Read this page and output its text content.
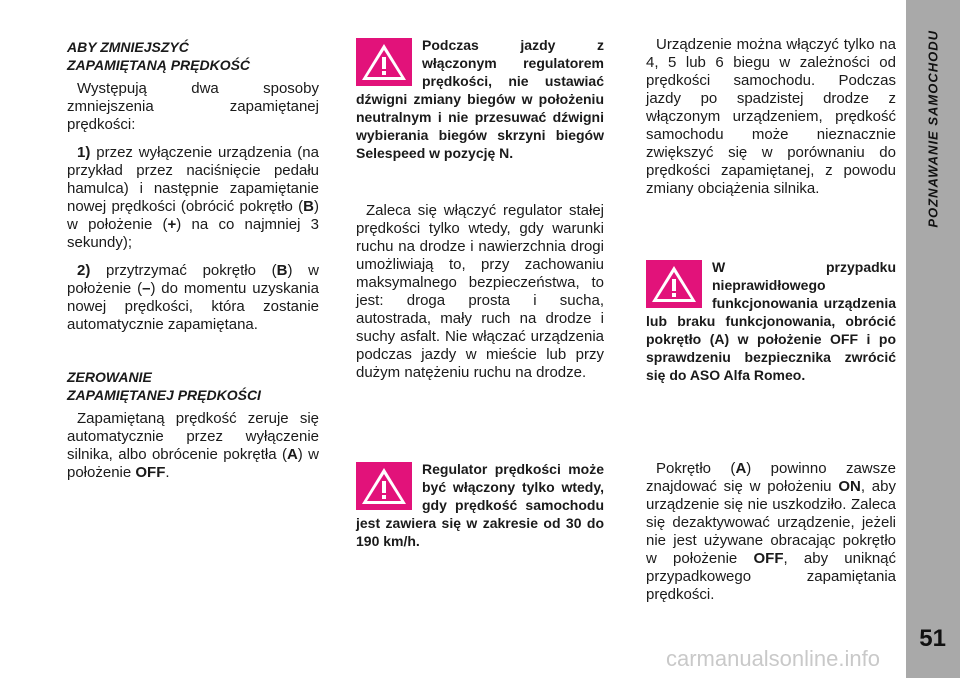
POZNAWANIE SAMOCHODU
51
ABY ZMNIEJSZYĆ
ZAPAMIĘTANĄ PRĘDKOŚĆ

Występują dwa sposoby zmniejszenia zapamiętanej prędkości:

1) przez wyłączenie urządzenia (na przykład przez naciśnięcie pedału hamulca) i następnie zapamiętanie nowej prędkości (obrócić pokrętło (B) w położenie (+) na co najmniej 3 sekundy);

2) przytrzymać pokrętło (B) w położenie (–) do momentu uzyskania nowej prędkości, która zostanie automatycznie zapamiętana.

ZEROWANIE
ZAPAMIĘTANEJ PRĘDKOŚCI

Zapamiętaną prędkość zeruje się automatycznie przez wyłączenie silnika, albo obrócenie pokrętła (A) w położenie OFF.

Podczas jazdy z włączonym regulatorem prędkości, nie ustawiać dźwigni zmiany biegów w położeniu neutralnym i nie przesuwać dźwigni wybierania biegów skrzyni biegów Selespeed w pozycję N.

Zaleca się włączyć regulator stałej prędkości tylko wtedy, gdy warunki ruchu na drodze i nawierzchnia drogi umożliwiają to, przy zachowaniu maksymalnego bezpieczeństwa, to jest: droga prosta i sucha, autostrada, mały ruch na drodze i suchy asfalt. Nie włączać urządzenia podczas jazdy w mieście lub przy dużym natężeniu ruchu na drodze.

Regulator prędkości może być włączony tylko wtedy, gdy prędkość samochodu jest zawiera się w zakresie od 30 do 190 km/h.

Urządzenie można włączyć tylko na 4, 5 lub 6 biegu w zależności od prędkości samochodu. Podczas jazdy po spadzistej drodze z włączonym urządzeniem, prędkość samochodu może nieznacznie zwiększyć się w porównaniu do prędkości zapamiętanej, z powodu zmiany obciążenia silnika.

W przypadku nieprawidłowego funkcjonowania urządzenia lub braku funkcjonowania, obrócić pokrętło (A) w położenie OFF i po sprawdzeniu bezpiecznika zwrócić się do ASO Alfa Romeo.

Pokrętło (A) powinno zawsze znajdować się w położeniu ON, aby urządzenie się nie uszkodziło. Zaleca się dezaktywować urządzenie, jeżeli nie jest używane obracając pokrętło w położenie OFF, aby uniknąć przypadkowego zapamiętania prędkości.

carmanualsonline.info
